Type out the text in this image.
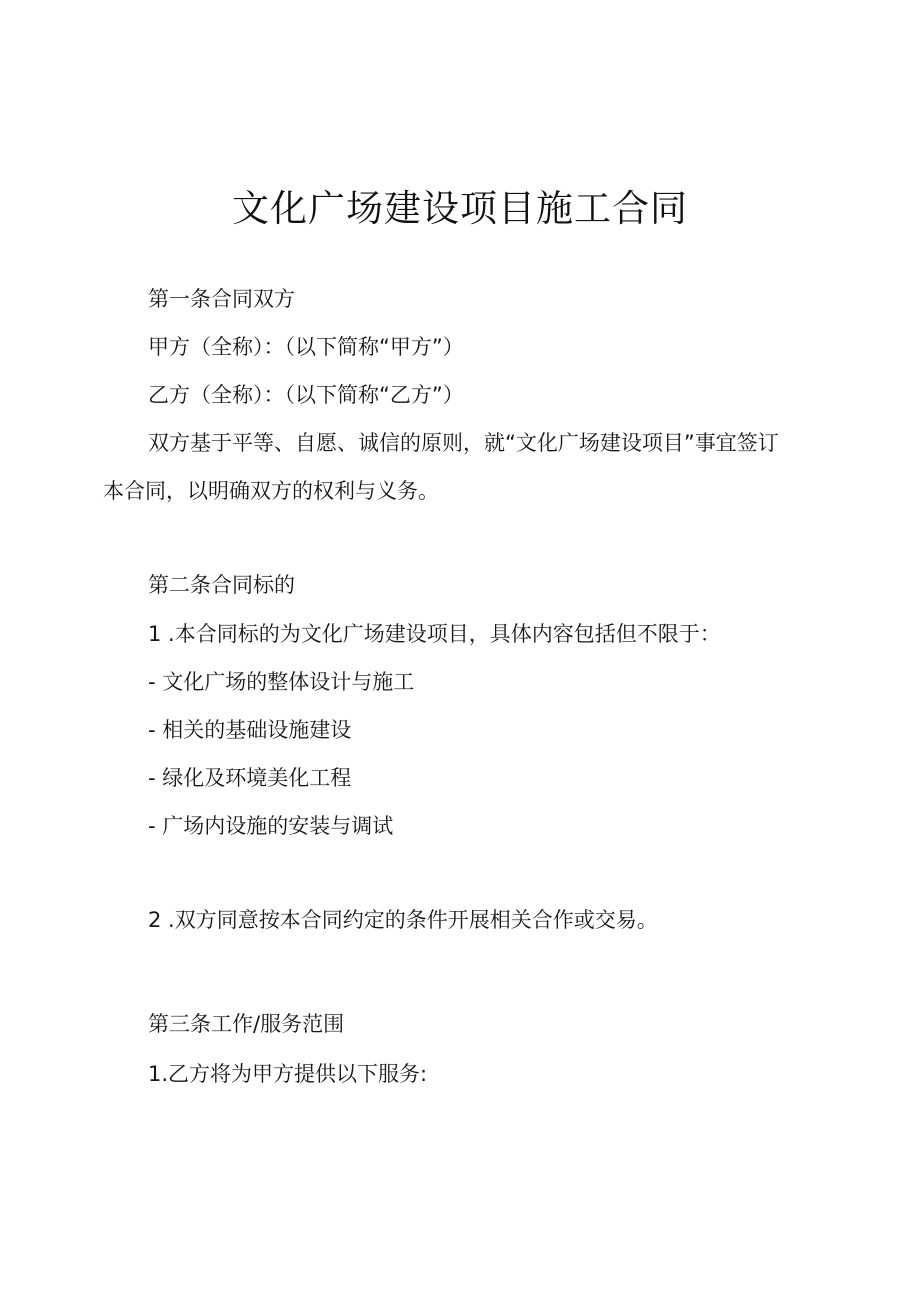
文化广场建设项目施工合同

第一条合同双方

甲方（全称）：（以下简称“甲方”）

乙方（全称）：（以下简称“乙方”）

双方基于平等、自愿、诚信的原则，就“文化广场建设项目”事宜签订

本合同，以明确双方的权利与义务。

第二条合同标的

1 .本合同标的为文化广场建设项目，具体内容包括但不限于：

- 文化广场的整体设计与施工

- 相关的基础设施建设

- 绿化及环境美化工程

- 广场内设施的安装与调试

2 .双方同意按本合同约定的条件开展相关合作或交易。

第三条工作/服务范围

1.乙方将为甲方提供以下服务:
